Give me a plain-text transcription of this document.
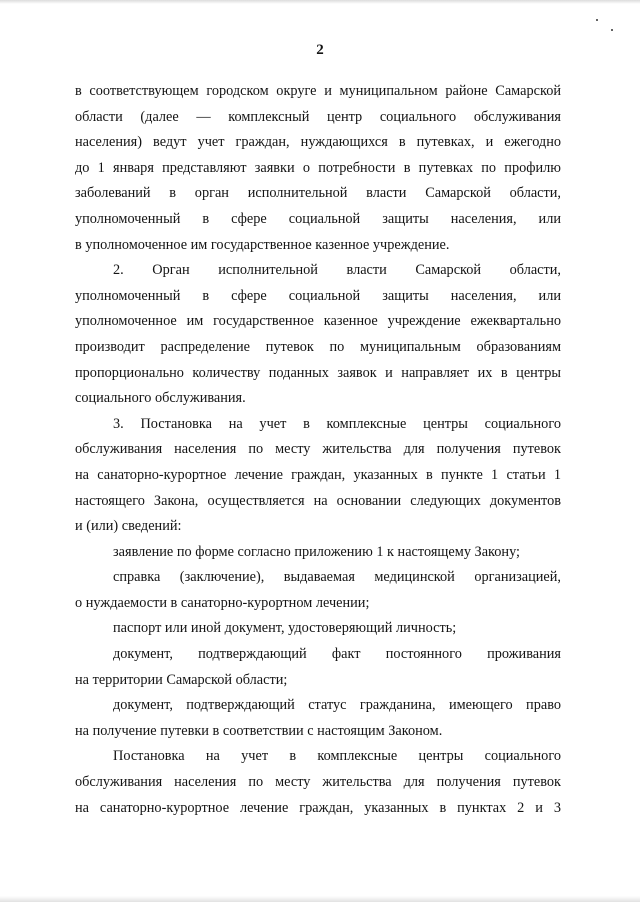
2
в соответствующем городском округе и муниципальном районе Самарской
области (далее — комплексный центр социального обслуживания
населения) ведут учет граждан, нуждающихся в путевках, и ежегодно
до 1 января представляют заявки о потребности в путевках по профилю
заболеваний в орган исполнительной власти Самарской области,
уполномоченный в сфере социальной защиты населения, или
в уполномоченное им государственное казенное учреждение.
2. Орган исполнительной власти Самарской области,
уполномоченный в сфере социальной защиты населения, или
уполномоченное им государственное казенное учреждение ежеквартально
производит распределение путевок по муниципальным образованиям
пропорционально количеству поданных заявок и направляет их в центры
социального обслуживания.
3. Постановка на учет в комплексные центры социального
обслуживания населения по месту жительства для получения путевок
на санаторно-курортное лечение граждан, указанных в пункте 1 статьи 1
настоящего Закона, осуществляется на основании следующих документов
и (или) сведений:
заявление по форме согласно приложению 1 к настоящему Закону;
справка (заключение), выдаваемая медицинской организацией,
о нуждаемости в санаторно-курортном лечении;
паспорт или иной документ, удостоверяющий личность;
документ, подтверждающий факт постоянного проживания
на территории Самарской области;
документ, подтверждающий статус гражданина, имеющего право
на получение путевки в соответствии с настоящим Законом.
Постановка на учет в комплексные центры социального
обслуживания населения по месту жительства для получения путевок
на санаторно-курортное лечение граждан, указанных в пунктах 2 и 3
